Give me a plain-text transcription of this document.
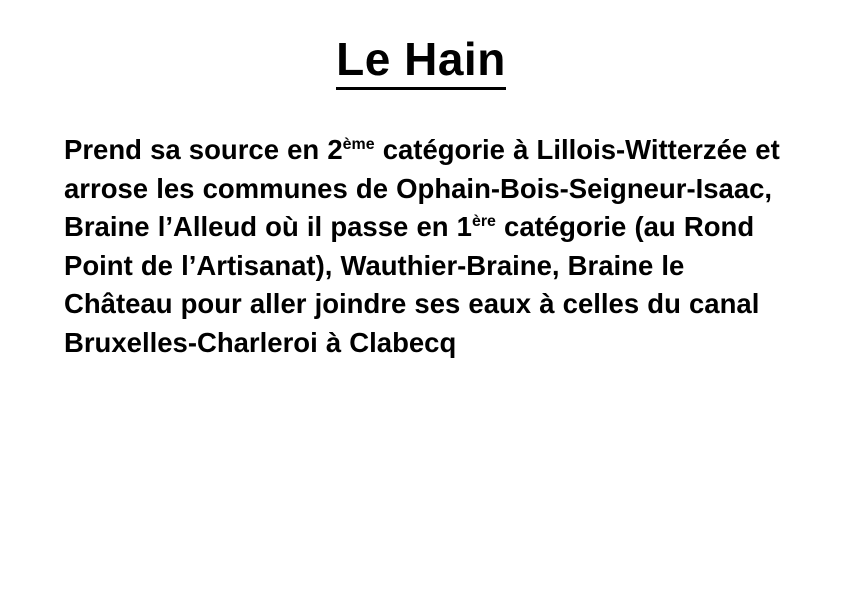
Le Hain
Prend sa source en 2ème catégorie à Lillois-Witterzée et arrose les communes de Ophain-Bois-Seigneur-Isaac, Braine l’Alleud où il passe en 1ère catégorie (au Rond Point de l’Artisanat), Wauthier-Braine, Braine le Château pour aller joindre ses eaux à celles du canal Bruxelles-Charleroi à Clabecq
